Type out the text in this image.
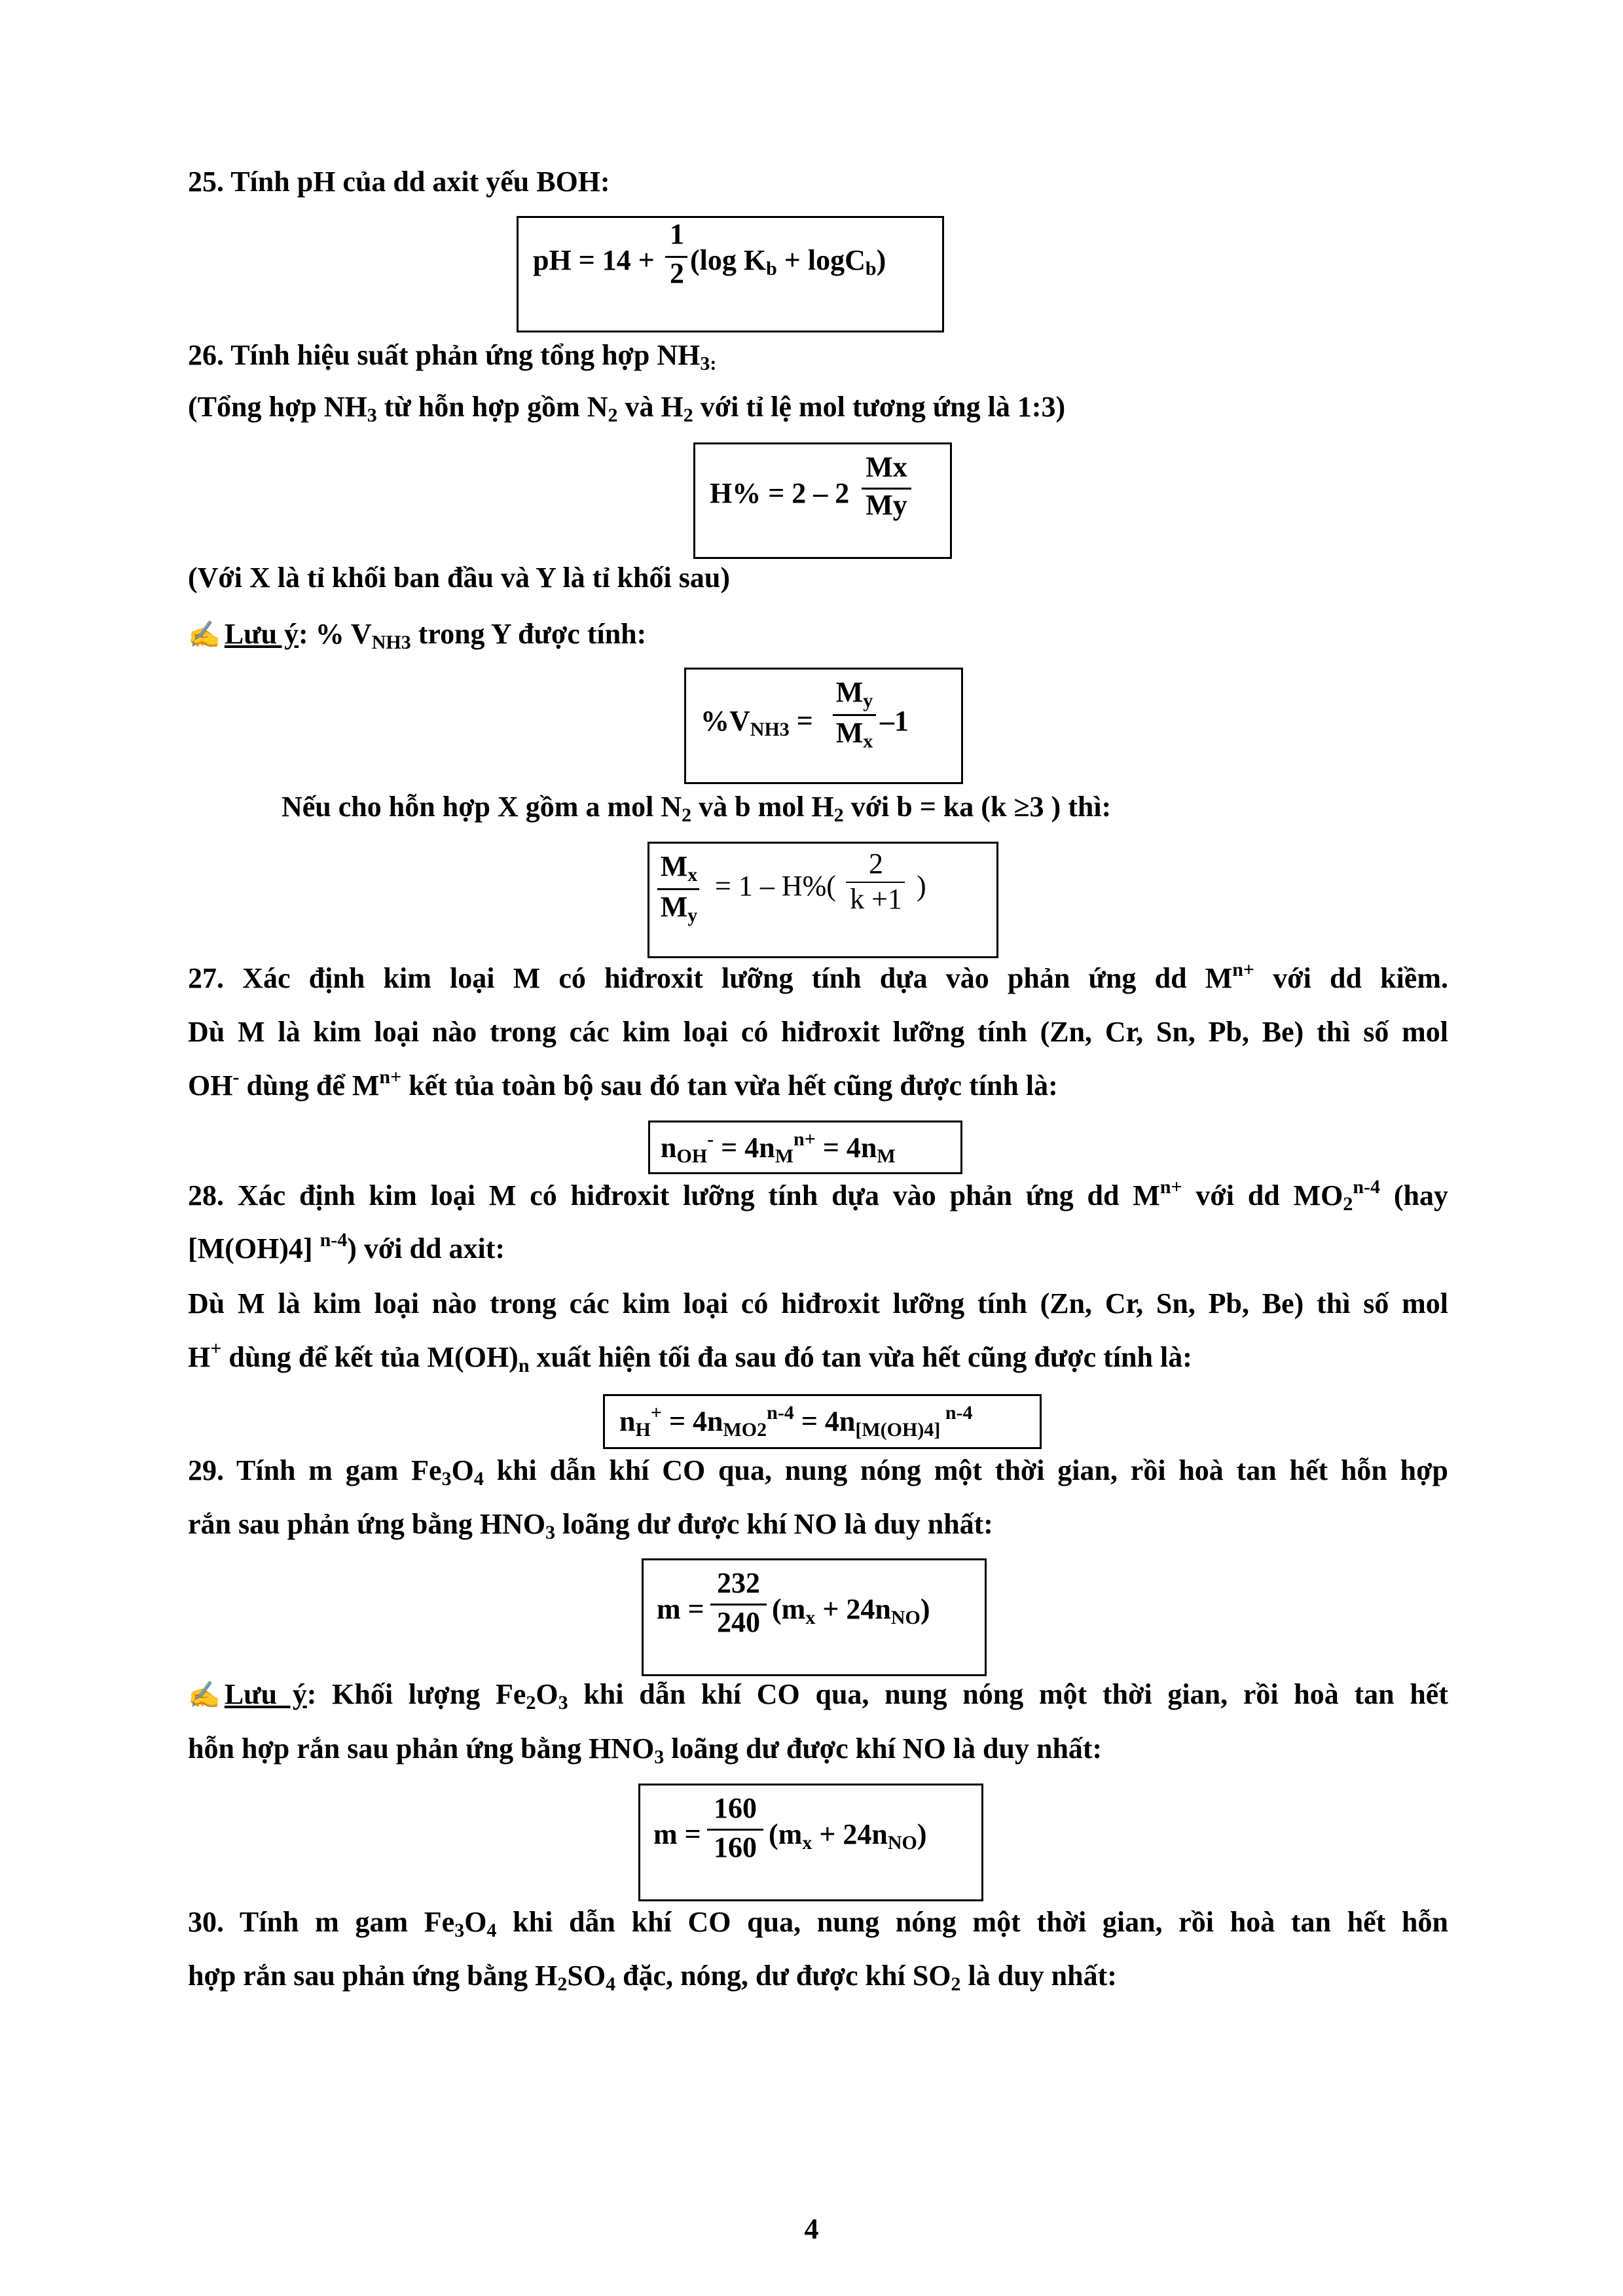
25. Tính pH của dd axit yếu BOH:
pH = 14 +
1
2 (log $K_b + \log C_b$)
26. Tính hiệu suất phản ứng tổng hợp $NH_{3:}$
(Tổng hợp $NH_3$ từ hỗn hợp gồm $N_2$ và $H_2$ với tỉ lệ mol tương ứng là 1:3)
H% = 2 – 2
Mx
My
(Với X là tỉ khối ban đầu và Y là tỉ khối sau)
✍ Lưu ý: % $V_{NH3}$ trong Y được tính:
$\%V_{NH3}$ =
$M_y$
$M_x$
–1
Nếu cho hỗn hợp X gồm a mol $N_2$ và b mol $H_2$ với b = ka (k ≥3 ) thì:
$M_x$
$M_y$
= 1 – H%(
2
k +1 )
27. Xác định kim loại M có hiđroxit lưỡng tính dựa vào phản ứng dd $M^{n+}$ với dd kiềm.
Dù M là kim loại nào trong các kim loại có hiđroxit lưỡng tính (Zn, Cr, Sn, Pb, Be) thì số mol
OH- dùng để $M^{n+}$ kết tủa toàn bộ sau đó tan vừa hết cũng được tính là:
$n_{OH}^- = 4n_M^{n+} = 4n_M$
28. Xác định kim loại M có hiđroxit lưỡng tính dựa vào phản ứng dd $M^{n+}$ với dd $MO_2^{n-4}$ (hay
[M(OH)4] $^{n-4}$) với dd axit:
Dù M là kim loại nào trong các kim loại có hiđroxit lưỡng tính (Zn, Cr, Sn, Pb, Be) thì số mol
H+ dùng để kết tủa $M(OH)_n$ xuất hiện tối đa sau đó tan vừa hết cũng được tính là:
$n_H^+ = 4n_{MO2}^{n-4} = 4n_{[M(OH)4]}$ $^{n-4}$
29. Tính m gam $Fe_3O_4$ khi dẫn khí CO qua, nung nóng một thời gian, rồi hoà tan hết hỗn hợp
rắn sau phản ứng bằng $HNO_3$ loãng dư được khí NO là duy nhất:
m =
232
240 $(m_x + 24n_{NO})$
✍ Lưu ý: Khối lượng $Fe_2O_3$ khi dẫn khí CO qua, nung nóng một thời gian, rồi hoà tan hết
hỗn hợp rắn sau phản ứng bằng $HNO_3$ loãng dư được khí NO là duy nhất:
m =
160
160 $(m_x + 24n_{NO})$
30. Tính m gam $Fe_3O_4$ khi dẫn khí CO qua, nung nóng một thời gian, rồi hoà tan hết hỗn
hợp rắn sau phản ứng bằng $H_2SO_4$ đặc, nóng, dư được khí $SO_2$ là duy nhất:
4
